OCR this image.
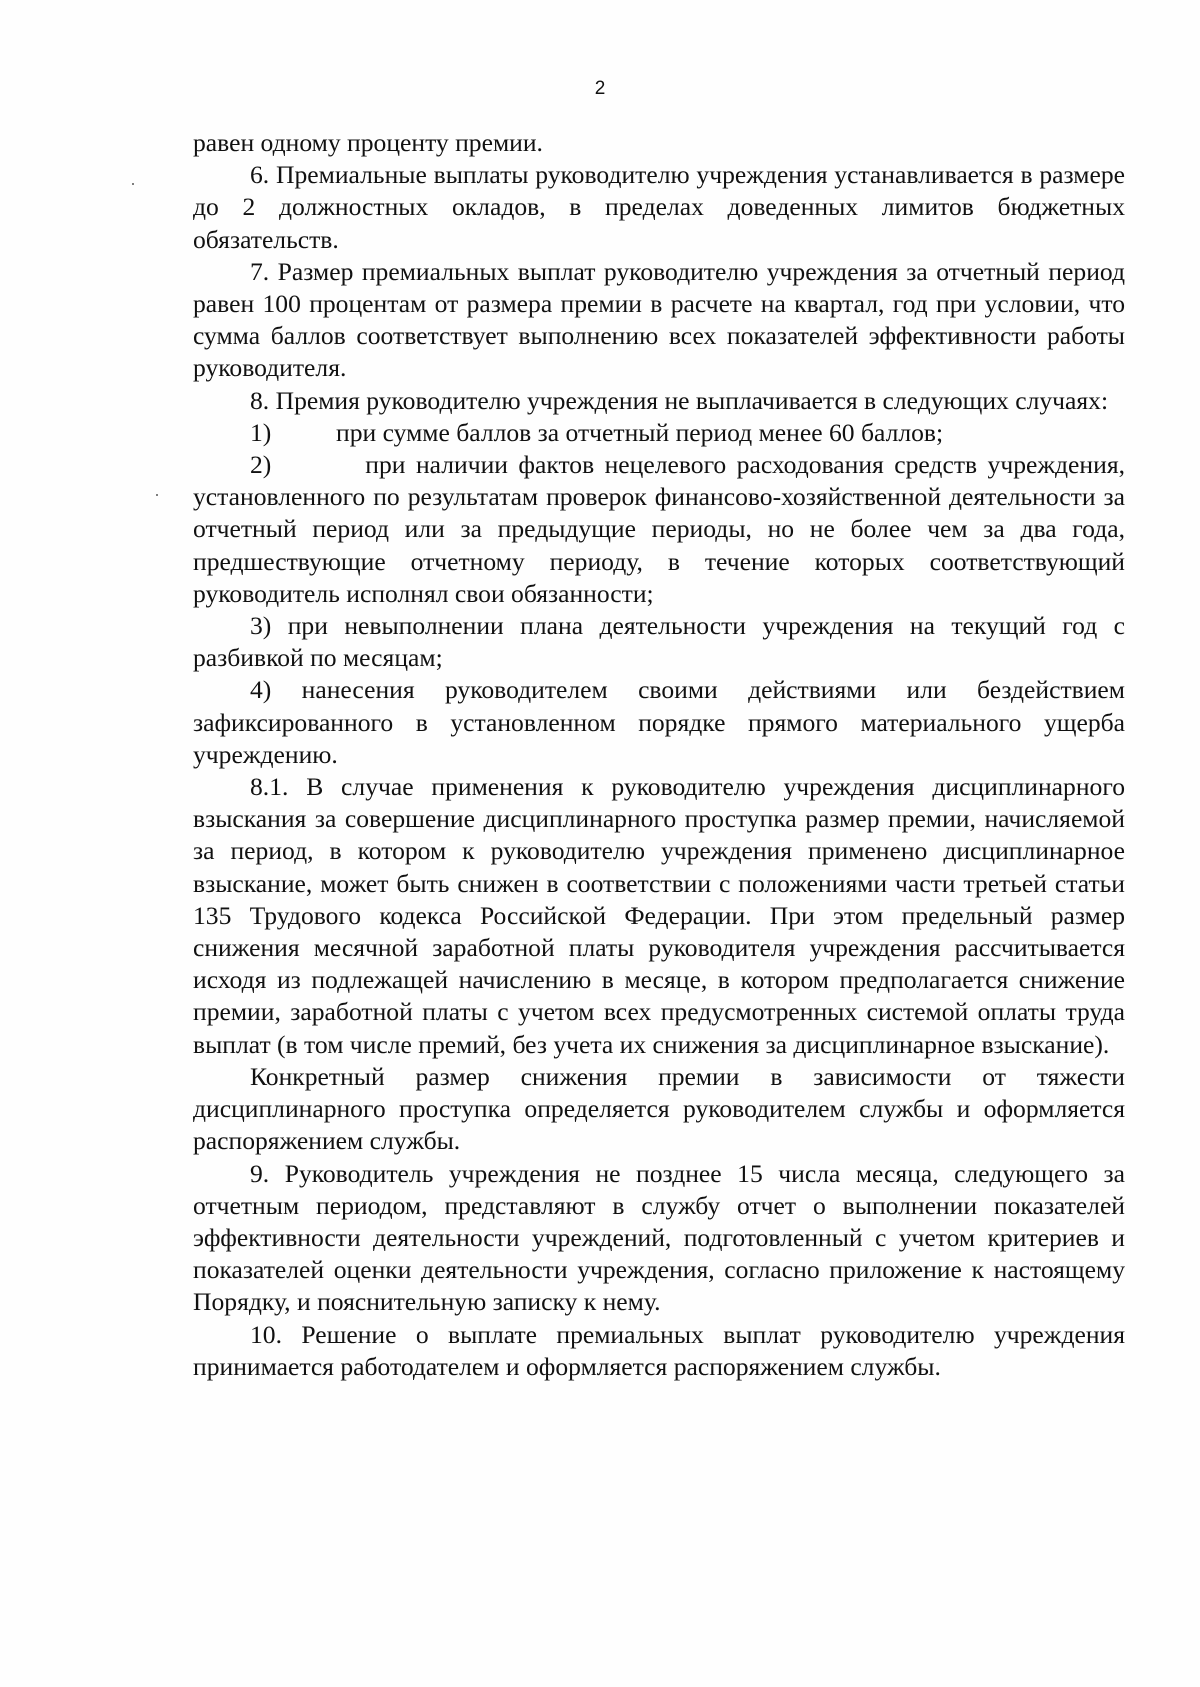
2

равен одному проценту премии.

6. Премиальные выплаты руководителю учреждения устанавливается в размере до 2 должностных окладов, в пределах доведенных лимитов бюджетных обязательств.

7. Размер премиальных выплат руководителю учреждения за отчетный период равен 100 процентам от размера премии в расчете на квартал, год при условии, что сумма баллов соответствует выполнению всех показателей эффективности работы руководителя.

8. Премия руководителю учреждения не выплачивается в следующих случаях:

1)	при сумме баллов за отчетный период менее 60 баллов;

2)         при наличии фактов нецелевого расходования средств учреждения, установленного по результатам проверок финансово-хозяйственной деятельности за отчетный период или за предыдущие периоды, но не более чем за два года, предшествующие отчетному периоду, в течение которых соответствующий руководитель исполнял свои обязанности;

3) при невыполнении плана деятельности учреждения на текущий год с разбивкой по месяцам;

4) нанесения руководителем своими действиями или бездействием зафиксированного в установленном порядке прямого материального ущерба учреждению.

8.1. В случае применения к руководителю учреждения дисциплинарного взыскания за совершение дисциплинарного проступка размер премии, начисляемой за период, в котором к руководителю учреждения применено дисциплинарное взыскание, может быть снижен в соответствии с положениями части третьей статьи 135 Трудового кодекса Российской Федерации. При этом предельный размер снижения месячной заработной платы руководителя учреждения рассчитывается исходя из подлежащей начислению в месяце, в котором предполагается снижение премии, заработной платы с учетом всех предусмотренных системой оплаты труда выплат (в том числе премий, без учета их снижения за дисциплинарное взыскание).

Конкретный размер снижения премии в зависимости от тяжести дисциплинарного проступка определяется руководителем службы и оформляется распоряжением службы.

9. Руководитель учреждения не позднее 15 числа месяца, следующего за отчетным периодом, представляют в службу отчет о выполнении показателей эффективности деятельности учреждений, подготовленный с учетом критериев и показателей оценки деятельности учреждения, согласно приложение к настоящему Порядку, и пояснительную записку к нему.

10. Решение о выплате премиальных выплат руководителю учреждения принимается работодателем и оформляется распоряжением службы.
